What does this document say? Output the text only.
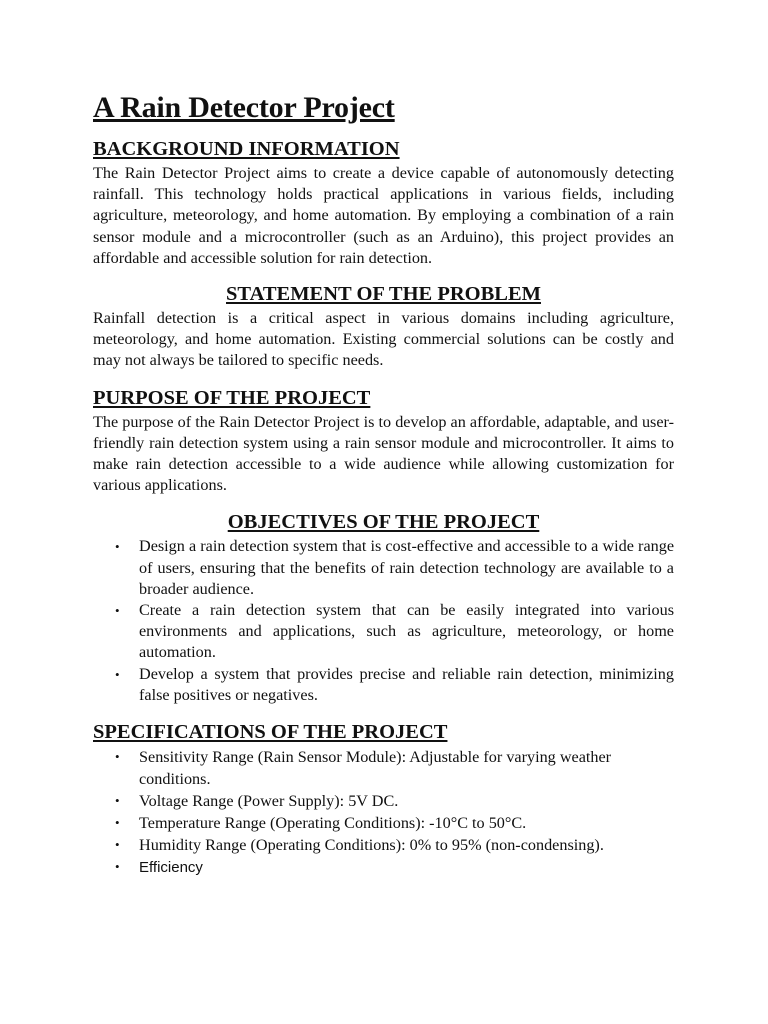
A Rain Detector Project
BACKGROUND INFORMATION

The Rain Detector Project aims to create a device capable of autonomously detecting rainfall. This technology holds practical applications in various fields, including agriculture, meteorology, and home automation. By employing a combination of a rain sensor module and a microcontroller (such as an Arduino), this project provides an affordable and accessible solution for rain detection.

STATEMENT OF THE PROBLEM

Rainfall detection is a critical aspect in various domains including agriculture, meteorology, and home automation. Existing commercial solutions can be costly and may not always be tailored to specific needs.

PURPOSE OF THE PROJECT

The purpose of the Rain Detector Project is to develop an affordable, adaptable, and user-friendly rain detection system using a rain sensor module and microcontroller. It aims to make rain detection accessible to a wide audience while allowing customization for various applications.

OBJECTIVES OF THE PROJECT
• Design a rain detection system that is cost-effective and accessible to a wide range of users, ensuring that the benefits of rain detection technology are available to a broader audience.
• Create a rain detection system that can be easily integrated into various environments and applications, such as agriculture, meteorology, or home automation.
• Develop a system that provides precise and reliable rain detection, minimizing false positives or negatives.
SPECIFICATIONS OF THE PROJECT
• Sensitivity Range (Rain Sensor Module): Adjustable for varying weather conditions.
• Voltage Range (Power Supply): 5V DC.
• Temperature Range (Operating Conditions): -10°C to 50°C.
• Humidity Range (Operating Conditions): 0% to 95% (non-condensing).
• Efficiency
